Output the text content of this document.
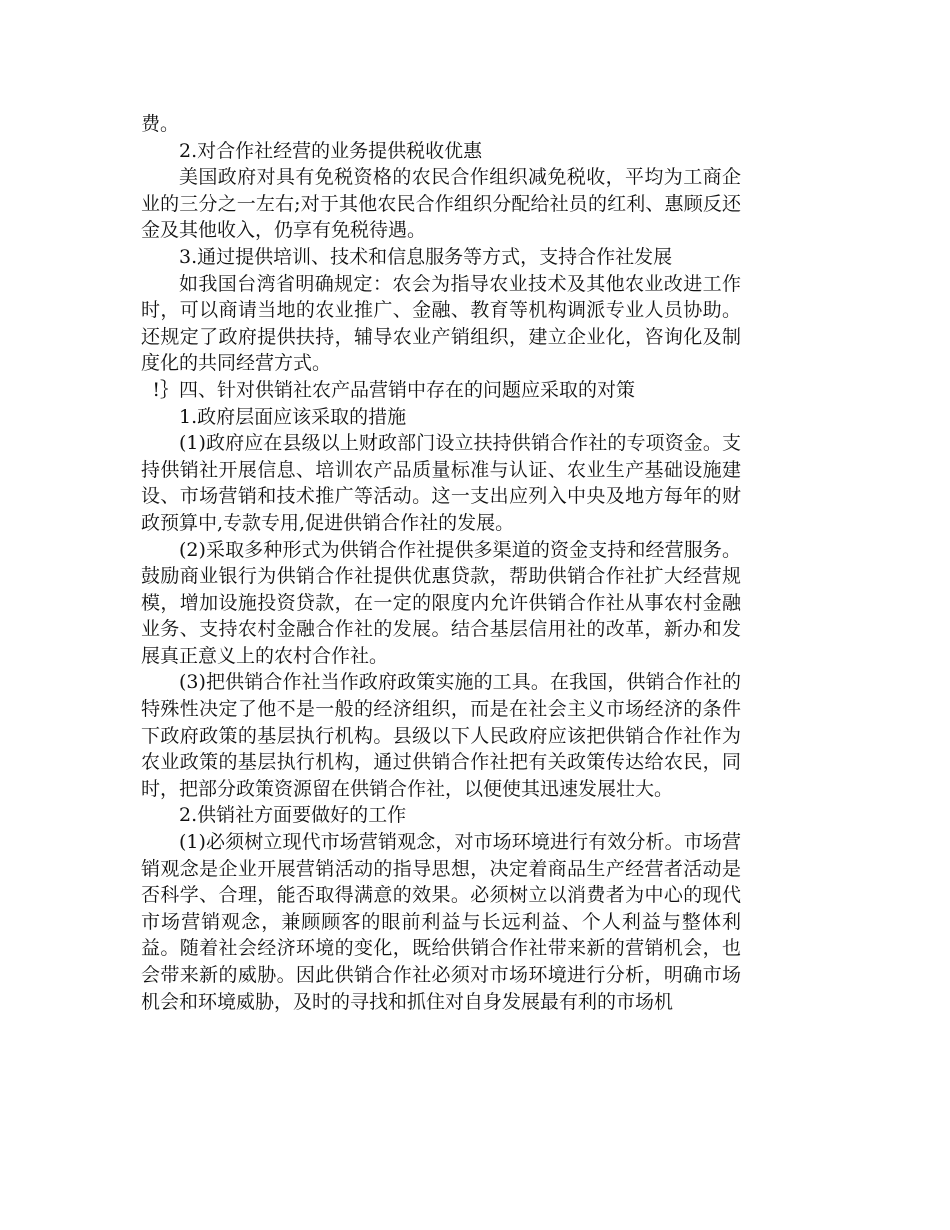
费。

2.对合作社经营的业务提供税收优惠

美国政府对具有免税资格的农民合作组织减免税收，平均为工商企业的三分之一左右;对于其他农民合作组织分配给社员的红利、惠顾反还金及其他收入，仍享有免税待遇。

3.通过提供培训、技术和信息服务等方式，支持合作社发展

如我国台湾省明确规定：农会为指导农业技术及其他农业改进工作时，可以商请当地的农业推广、金融、教育等机构调派专业人员协助。还规定了政府提供扶持，辅导农业产销组织，建立企业化，咨询化及制度化的共同经营方式。

!｝四、针对供销社农产品营销中存在的问题应采取的对策

1.政府层面应该采取的措施

(1)政府应在县级以上财政部门设立扶持供销合作社的专项资金。支持供销社开展信息、培训农产品质量标准与认证、农业生产基础设施建设、市场营销和技术推广等活动。这一支出应列入中央及地方每年的财政预算中,专款专用,促进供销合作社的发展。

(2)采取多种形式为供销合作社提供多渠道的资金支持和经营服务。鼓励商业银行为供销合作社提供优惠贷款，帮助供销合作社扩大经营规模，增加设施投资贷款，在一定的限度内允许供销合作社从事农村金融业务、支持农村金融合作社的发展。结合基层信用社的改革，新办和发展真正意义上的农村合作社。

(3)把供销合作社当作政府政策实施的工具。在我国，供销合作社的特殊性决定了他不是一般的经济组织，而是在社会主义市场经济的条件下政府政策的基层执行机构。县级以下人民政府应该把供销合作社作为农业政策的基层执行机构，通过供销合作社把有关政策传达给农民，同时，把部分政策资源留在供销合作社，以便使其迅速发展壮大。

2.供销社方面要做好的工作

(1)必须树立现代市场营销观念，对市场环境进行有效分析。市场营销观念是企业开展营销活动的指导思想，决定着商品生产经营者活动是否科学、合理，能否取得满意的效果。必须树立以消费者为中心的现代市场营销观念，兼顾顾客的眼前利益与长远利益、个人利益与整体利益。随着社会经济环境的变化，既给供销合作社带来新的营销机会，也会带来新的威胁。因此供销合作社必须对市场环境进行分析，明确市场机会和环境威胁，及时的寻找和抓住对自身发展最有利的市场机
